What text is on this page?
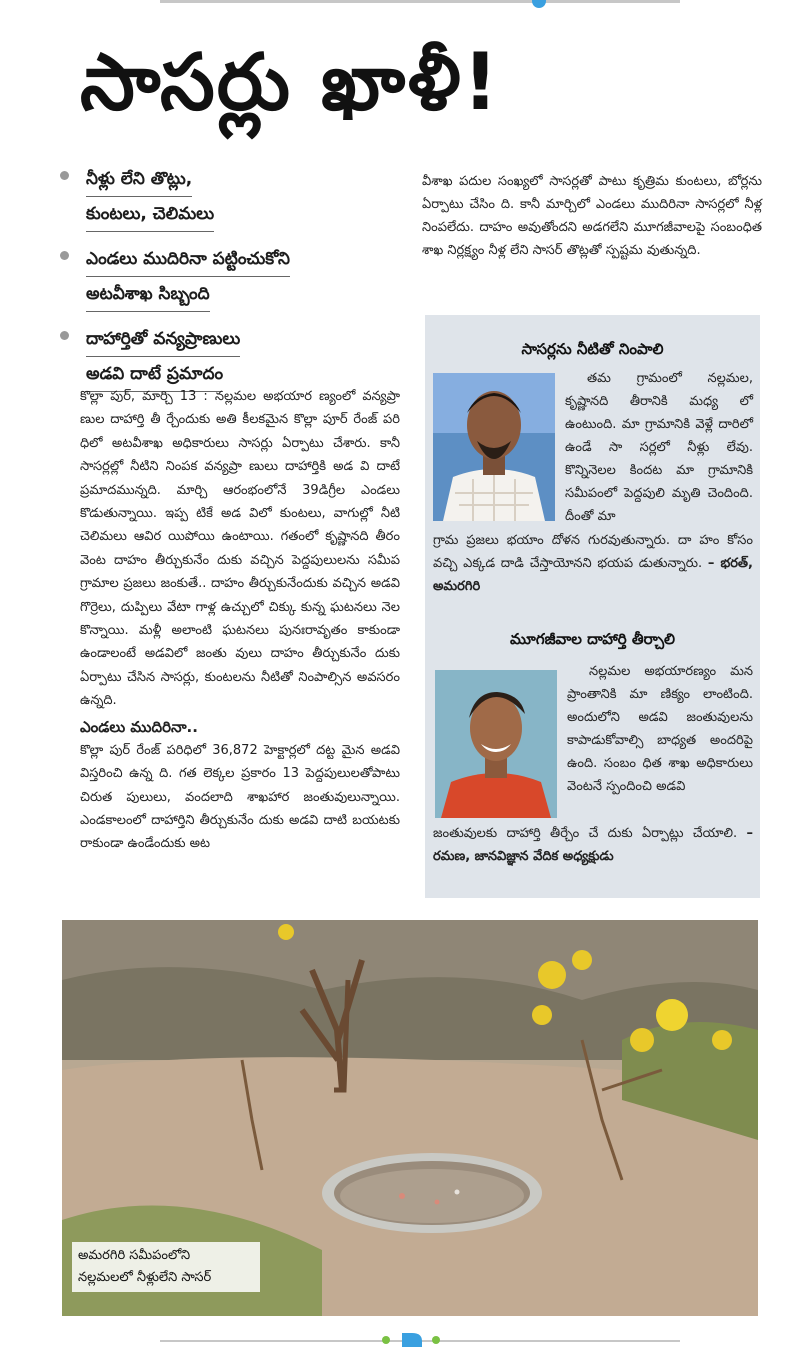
సాసర్లు ఖాళీ!
నీళ్లు లేని తొట్లు,
కుంటలు, చెలిమలు
ఎండలు ముదిరినా పట్టించుకోని
అటవీశాఖ సిబ్బంది
దాహార్తితో వన్యప్రాణులు
అడవి దాటే ప్రమాదం

కొల్లా పుర్, మార్చి 13 : నల్లమల అభయార ణ్యంలో వన్యప్రా ణుల దాహార్తి తీ ర్చేందుకు అతి కీలకమైన కొల్లా పూర్ రేంజ్ పరి ధిలో అటవీశాఖ అధికారులు సాసర్లు ఏర్పాటు చేశారు. కానీ సాసర్లల్లో నీటిని నింపక వన్యప్రా ణులు దాహార్తికి అడ వి దాటే ప్రమాదమున్నది. మార్చి ఆరంభంలోనే 39డిగ్రీల ఎండలు కొడుతున్నాయి. ఇప్ప టికే అడ విలో కుంటలు, వాగుల్లో నీటి చెలిమలు ఆవిర యిపోయి ఉంటాయి. గతంలో కృష్ణానది తీరం వెంట దాహం తీర్చుకునేం దుకు వచ్చిన పెద్దపులులను సమీప గ్రామాల ప్రజలు జంకుతే.. దాహం తీర్చుకునేందుకు వచ్చిన అడవి గొర్రెలు, దుప్పిలు వేటా గాళ్ల ఉచ్చులో చిక్కు కున్న ఘటనలు నెల కొన్నాయి. మళ్లీ అలాంటి ఘటనలు పునఃరావృతం కాకుండా ఉండాలంటే అడవిలో జంతు వులు దాహం తీర్చుకునేం దుకు ఏర్పాటు చేసిన సాసర్లు, కుంటలను నీటితో నింపాల్సిన అవసరం ఉన్నది.

ఎండలు ముదిరినా..

కొల్లా పుర్ రేంజ్ పరిధిలో 36,872 హెక్టార్లలో దట్ట మైన అడవి విస్తరించి ఉన్న ది. గత లెక్కల ప్రకారం 13 పెద్దపులులతోపాటు చిరుత పులులు, వందలాది శాఖహార జంతువులున్నాయి. ఎండకాలంలో దాహార్తిని తీర్చుకునేం దుకు అడవి దాటి బయటకు రాకుండా ఉండేందుకు అట

వీశాఖ పదుల సంఖ్యలో సాసర్లతో పాటు కృత్రిమ కుంటలు, బోర్లను ఏర్పాటు చేసిం ది. కానీ మార్చిలో ఎండలు ముదిరినా సాసర్లలో నీళ్ల నింపలేదు. దాహం అవుతోందని అడగలేని మూగజీవాలపై సంబంధిత శాఖ నిర్లక్ష్యం నీళ్ల లేని సాసర్ తొట్లతో స్పష్టమ వుతున్నది.

సాసర్లను నీటితో నింపాలి
తమ గ్రామంలో నల్లమల, కృష్ణానది తీరానికి మధ్య లో ఉంటుంది. మా గ్రామానికి వెళ్లే దారిలో ఉండే సా సర్లలో నీళ్లు లేవు. కొన్నినెలల కిందట మా గ్రామానికి సమీపంలో పెద్దపులి మృతి చెందింది. దీంతో మా
గ్రామ ప్రజలు భయాం దోళన గురవుతున్నారు. దా హం కోసం వచ్చి ఎక్కడ దాడి చేస్తాయోనని భయప డుతున్నారు. – భరత్, అమరగిరి
మూగజీవాల దాహార్తి తీర్చాలి
నల్లమల అభయారణ్యం మన ప్రాంతానికి మా ణిక్యం లాంటింది. అందులోని అడవి జంతువులను కాపాడుకోవాల్సి బాధ్యత అందరిపై ఉంది. సంబం ధిత శాఖ అధికారులు వెంటనే స్పందించి అడవి
జంతువులకు దాహార్తి తీర్చేం చే దుకు ఏర్పాట్లు చేయాలి. – రమణ, జానవిజ్ఞాన వేదిక అధ్యక్షుడు
అమరగిరి సమీపంలోని
నల్లమలలో నీళ్లులేని సాసర్
